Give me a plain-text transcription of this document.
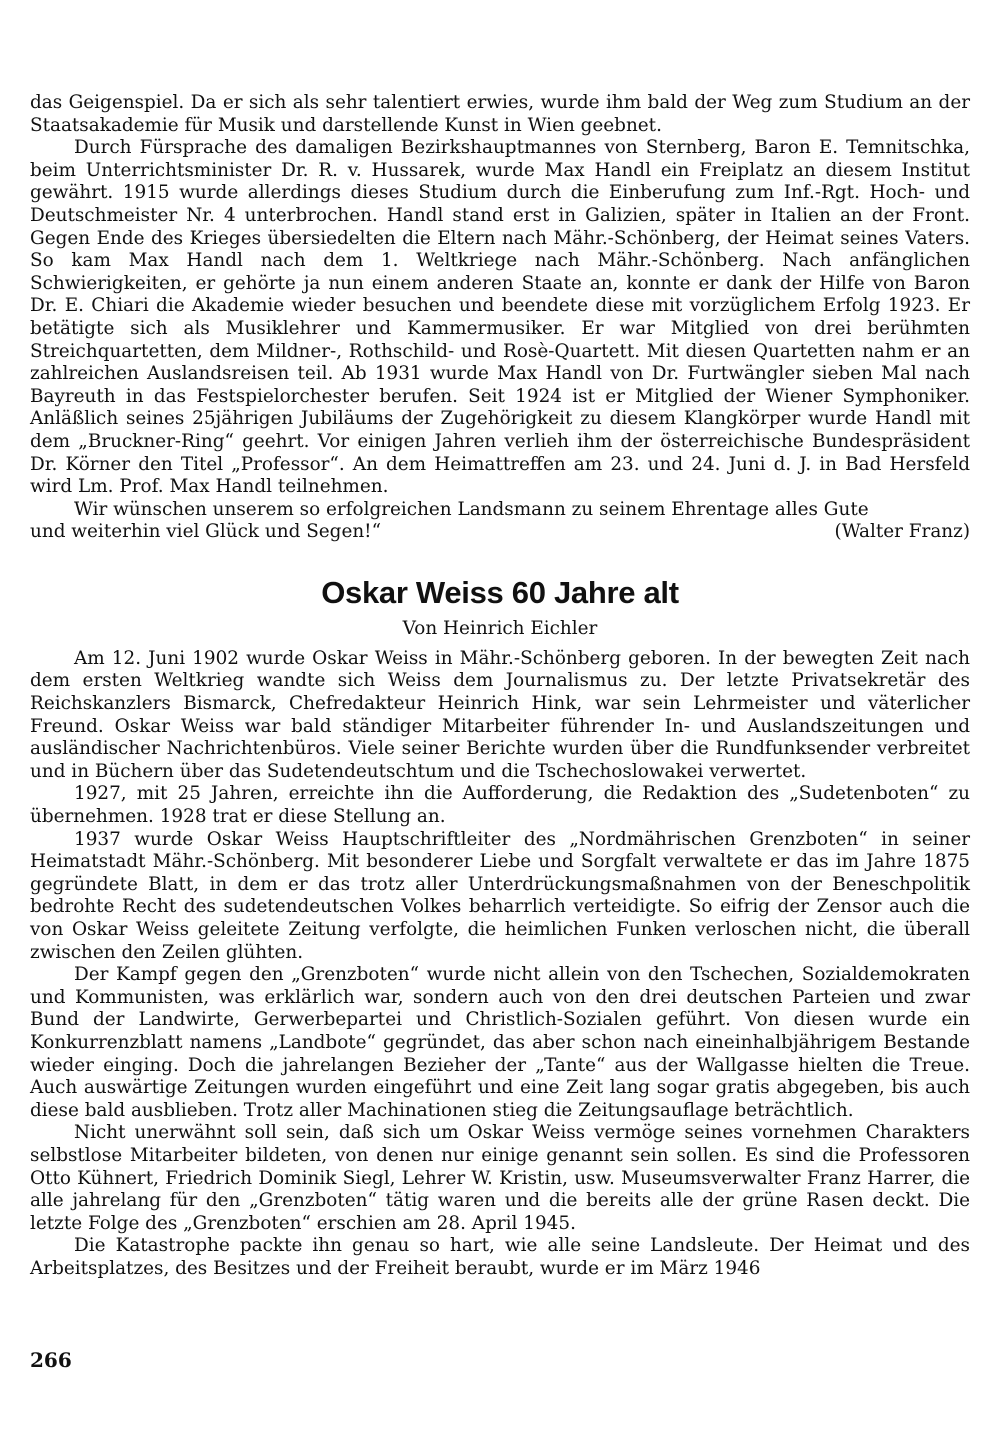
das Geigenspiel. Da er sich als sehr talentiert erwies, wurde ihm bald der Weg zum Studium an der Staatsakademie für Musik und darstellende Kunst in Wien geebnet.

Durch Fürsprache des damaligen Bezirkshauptmannes von Sternberg, Baron E. Temnitschka, beim Unterrichtsminister Dr. R. v. Hussarek, wurde Max Handl ein Freiplatz an diesem Institut gewährt. 1915 wurde allerdings dieses Studium durch die Einberufung zum Inf.-Rgt. Hoch- und Deutschmeister Nr. 4 unterbrochen. Handl stand erst in Galizien, später in Italien an der Front. Gegen Ende des Krieges übersiedelten die Eltern nach Mähr.-Schönberg, der Heimat seines Vaters. So kam Max Handl nach dem 1. Weltkriege nach Mähr.-Schönberg. Nach anfänglichen Schwierigkeiten, er gehörte ja nun einem anderen Staate an, konnte er dank der Hilfe von Baron Dr. E. Chiari die Akademie wieder besuchen und beendete diese mit vorzüglichem Erfolg 1923. Er betätigte sich als Musiklehrer und Kammermusiker. Er war Mitglied von drei berühmten Streichquartetten, dem Mildner-, Rothschild- und Rosè-Quartett. Mit diesen Quartetten nahm er an zahlreichen Auslandsreisen teil. Ab 1931 wurde Max Handl von Dr. Furtwängler sieben Mal nach Bayreuth in das Festspielorchester berufen. Seit 1924 ist er Mitglied der Wiener Symphoniker. Anläßlich seines 25jährigen Jubiläums der Zugehörigkeit zu diesem Klangkörper wurde Handl mit dem „Bruckner-Ring“ geehrt. Vor einigen Jahren verlieh ihm der österreichische Bundespräsident Dr. Körner den Titel „Professor“. An dem Heimattreffen am 23. und 24. Juni d. J. in Bad Hersfeld wird Lm. Prof. Max Handl teilnehmen.

Wir wünschen unserem so erfolgreichen Landsmann zu seinem Ehrentage alles Gute

und weiterhin viel Glück und Segen!“	(Walter Franz)
Oskar Weiss 60 Jahre alt
Von Heinrich Eichler

Am 12. Juni 1902 wurde Oskar Weiss in Mähr.-Schönberg geboren. In der bewegten Zeit nach dem ersten Weltkrieg wandte sich Weiss dem Journalismus zu. Der letzte Privatsekretär des Reichskanzlers Bismarck, Chefredakteur Heinrich Hink, war sein Lehrmeister und väterlicher Freund. Oskar Weiss war bald ständiger Mitarbeiter führender In- und Auslandszeitungen und ausländischer Nachrichtenbüros. Viele seiner Berichte wurden über die Rundfunksender verbreitet und in Büchern über das Sudetendeutschtum und die Tschechoslowakei verwertet.

1927, mit 25 Jahren, erreichte ihn die Aufforderung, die Redaktion des „Sudetenboten“ zu übernehmen. 1928 trat er diese Stellung an.

1937 wurde Oskar Weiss Hauptschriftleiter des „Nordmährischen Grenzboten“ in seiner Heimatstadt Mähr.-Schönberg. Mit besonderer Liebe und Sorgfalt verwaltete er das im Jahre 1875 gegründete Blatt, in dem er das trotz aller Unterdrückungsmaßnahmen von der Beneschpolitik bedrohte Recht des sudetendeutschen Volkes beharrlich verteidigte. So eifrig der Zensor auch die von Oskar Weiss geleitete Zeitung verfolgte, die heimlichen Funken verloschen nicht, die überall zwischen den Zeilen glühten.

Der Kampf gegen den „Grenzboten“ wurde nicht allein von den Tschechen, Sozialdemokraten und Kommunisten, was erklärlich war, sondern auch von den drei deutschen Parteien und zwar Bund der Landwirte, Gerwerbepartei und Christlich-Sozialen geführt. Von diesen wurde ein Konkurrenzblatt namens „Landbote“ gegründet, das aber schon nach eineinhalbjährigem Bestande wieder einging. Doch die jahrelangen Bezieher der „Tante“ aus der Wallgasse hielten die Treue. Auch auswärtige Zeitungen wurden eingeführt und eine Zeit lang sogar gratis abgegeben, bis auch diese bald ausblieben. Trotz aller Machinationen stieg die Zeitungsauflage beträchtlich.

Nicht unerwähnt soll sein, daß sich um Oskar Weiss vermöge seines vornehmen Charakters selbstlose Mitarbeiter bildeten, von denen nur einige genannt sein sollen. Es sind die Professoren Otto Kühnert, Friedrich Dominik Siegl, Lehrer W. Kristin, usw. Museumsverwalter Franz Harrer, die alle jahrelang für den „Grenzboten“ tätig waren und die bereits alle der grüne Rasen deckt. Die letzte Folge des „Grenzboten“ erschien am 28. April 1945.

Die Katastrophe packte ihn genau so hart, wie alle seine Landsleute. Der Heimat und des Arbeitsplatzes, des Besitzes und der Freiheit beraubt, wurde er im März 1946

266
